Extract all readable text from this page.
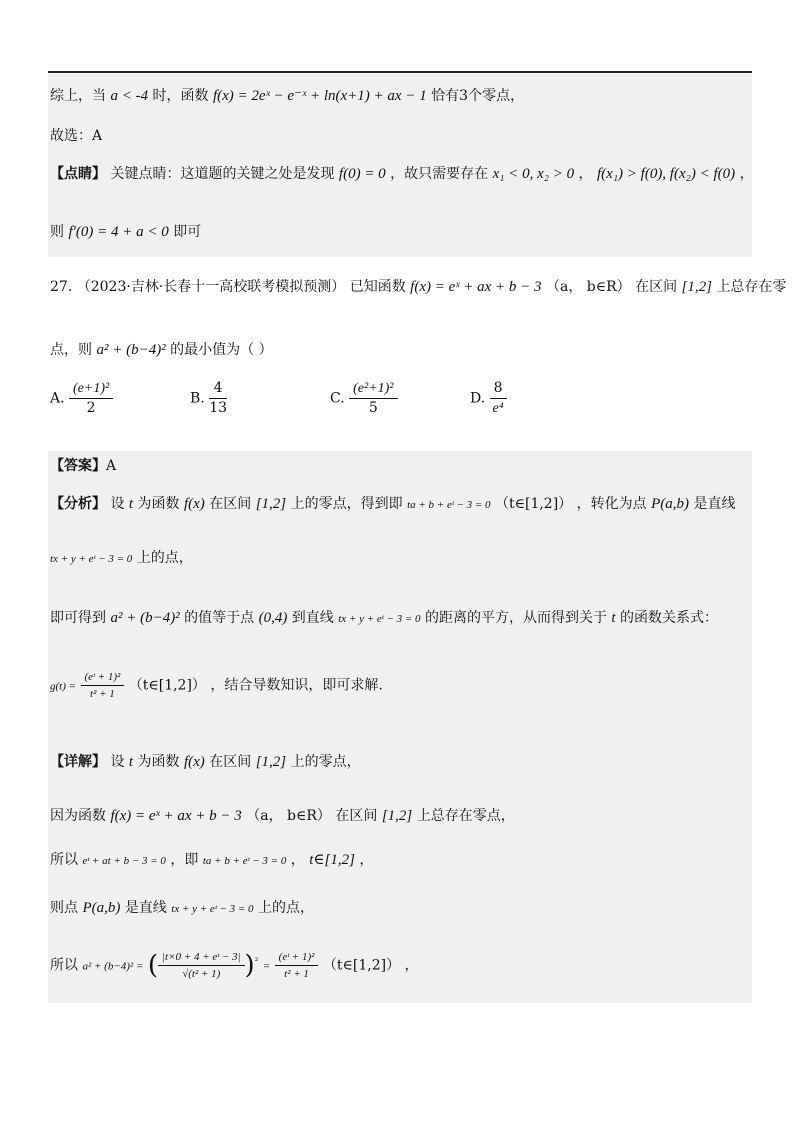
综上，当 a < -4 时，函数 f(x) = 2eˣ − e⁻ˣ + ln(x+1) + ax − 1 恰有3个零点，
故选：A
【点睛】 关键点睛：这道题的关键之处是发现 f(0) = 0 ，故只需要存在 x₁ < 0, x₂ > 0 ， f(x₁) > f(0), f(x₂) < f(0) ，
则 f′(0) = 4 + a < 0 即可
27. （2023·吉林·长春十一高校联考模拟预测） 已知函数 f(x) = eˣ + ax + b − 3 （a， b∈R） 在区间 [1,2] 上总存在零
点，则 a² + (b−4)² 的最小值为（ ）
A. $\frac{\text{(e+1)²}}{2}$	B. $\frac{4}{13}$	C. $\frac{\text{(e²+1)²}}{5}$	D. $\frac{8}{\text{e⁴}}$
【答案】A
【分析】 设 t 为函数 f(x) 在区间 [1,2] 上的零点，得到即 ta + b + eᵗ − 3 = 0 （t∈[1,2]） ，转化为点 P(a,b) 是直线
tx + y + eᵗ − 3 = 0 上的点，
即可得到 a² + (b−4)² 的值等于点 (0,4) 到直线 tx + y + eᵗ − 3 = 0 的距离的平方，从而得到关于 t 的函数关系式：
$g(t) = \frac{\text{(eᵗ + 1)²}}{\text{t² + 1}}$ （t∈[1,2]） ，结合导数知识，即可求解.
【详解】 设 t 为函数 f(x) 在区间 [1,2] 上的零点，
因为函数 f(x) = eˣ + ax + b − 3 （a， b∈R） 在区间 [1,2] 上总存在零点，
所以 eᵗ + at + b − 3 = 0 ，即 ta + b + eᵗ − 3 = 0 ， t∈[1,2] ，
则点 P(a,b) 是直线 tx + y + eᵗ − 3 = 0 上的点，
所以 a² + (b−4)² = ( $\frac{\text{|t×0 + 4 + eᵗ − 3|}}{\text{√(t² + 1)}} )^{^2} = \frac{\text{(eᵗ + 1)²}}{\text{t² + 1}}$ （t∈[1,2]） ，
